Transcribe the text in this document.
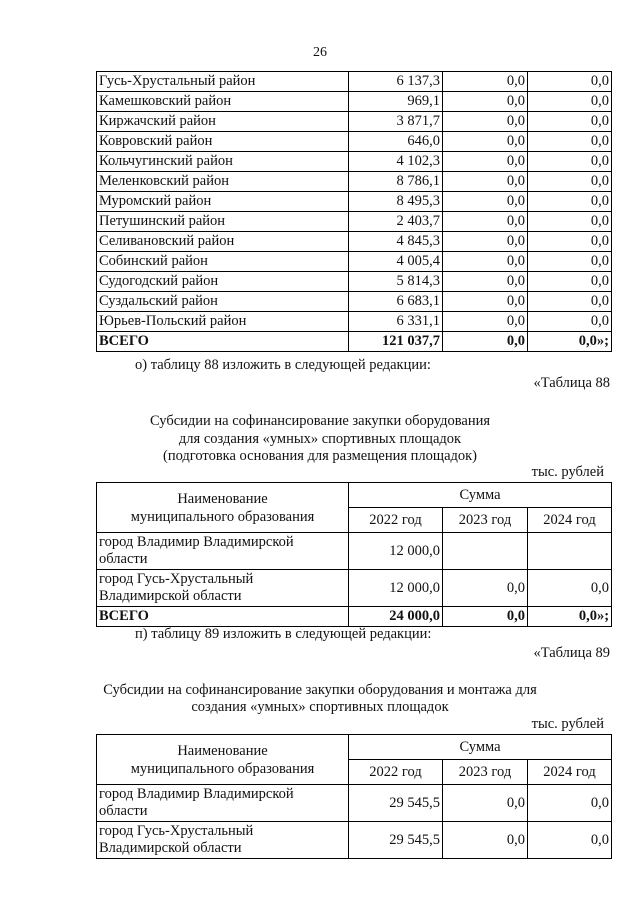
26
Гусь-Хрустальный район	6 137,3	0,0	0,0
Камешковский район	969,1	0,0	0,0
Киржачский район	3 871,7	0,0	0,0
Ковровский район	646,0	0,0	0,0
Кольчугинский район	4 102,3	0,0	0,0
Меленковский район	8 786,1	0,0	0,0
Муромский район	8 495,3	0,0	0,0
Петушинский район	2 403,7	0,0	0,0
Селивановский район	4 845,3	0,0	0,0
Собинский район	4 005,4	0,0	0,0
Судогодский район	5 814,3	0,0	0,0
Суздальский район	6 683,1	0,0	0,0
Юрьев-Польский район	6 331,1	0,0	0,0
ВСЕГО	121 037,7	0,0	0,0»;
о) таблицу 88 изложить в следующей редакции:
«Таблица 88
Субсидии на софинансирование закупки оборудования
для создания «умных» спортивных площадок
(подготовка основания для размещения площадок)
тыс. рублей
Наименование
муниципального образования	Сумма		
	2022 год	2023 год	2024 год

город Владимир Владимирской
области	12 000,0		

город Гусь-Хрустальный
Владимирской области	12 000,0	0,0	0,0
ВСЕГО	24 000,0	0,0	0,0»;
п) таблицу 89 изложить в следующей редакции:
«Таблица 89
Субсидии на софинансирование закупки оборудования и монтажа для
создания «умных» спортивных площадок
тыс. рублей
Наименование
муниципального образования	Сумма		
	2022 год	2023 год	2024 год

город Владимир Владимирской
области	29 545,5	0,0	0,0

город Гусь-Хрустальный
Владимирской области	29 545,5	0,0	0,0
